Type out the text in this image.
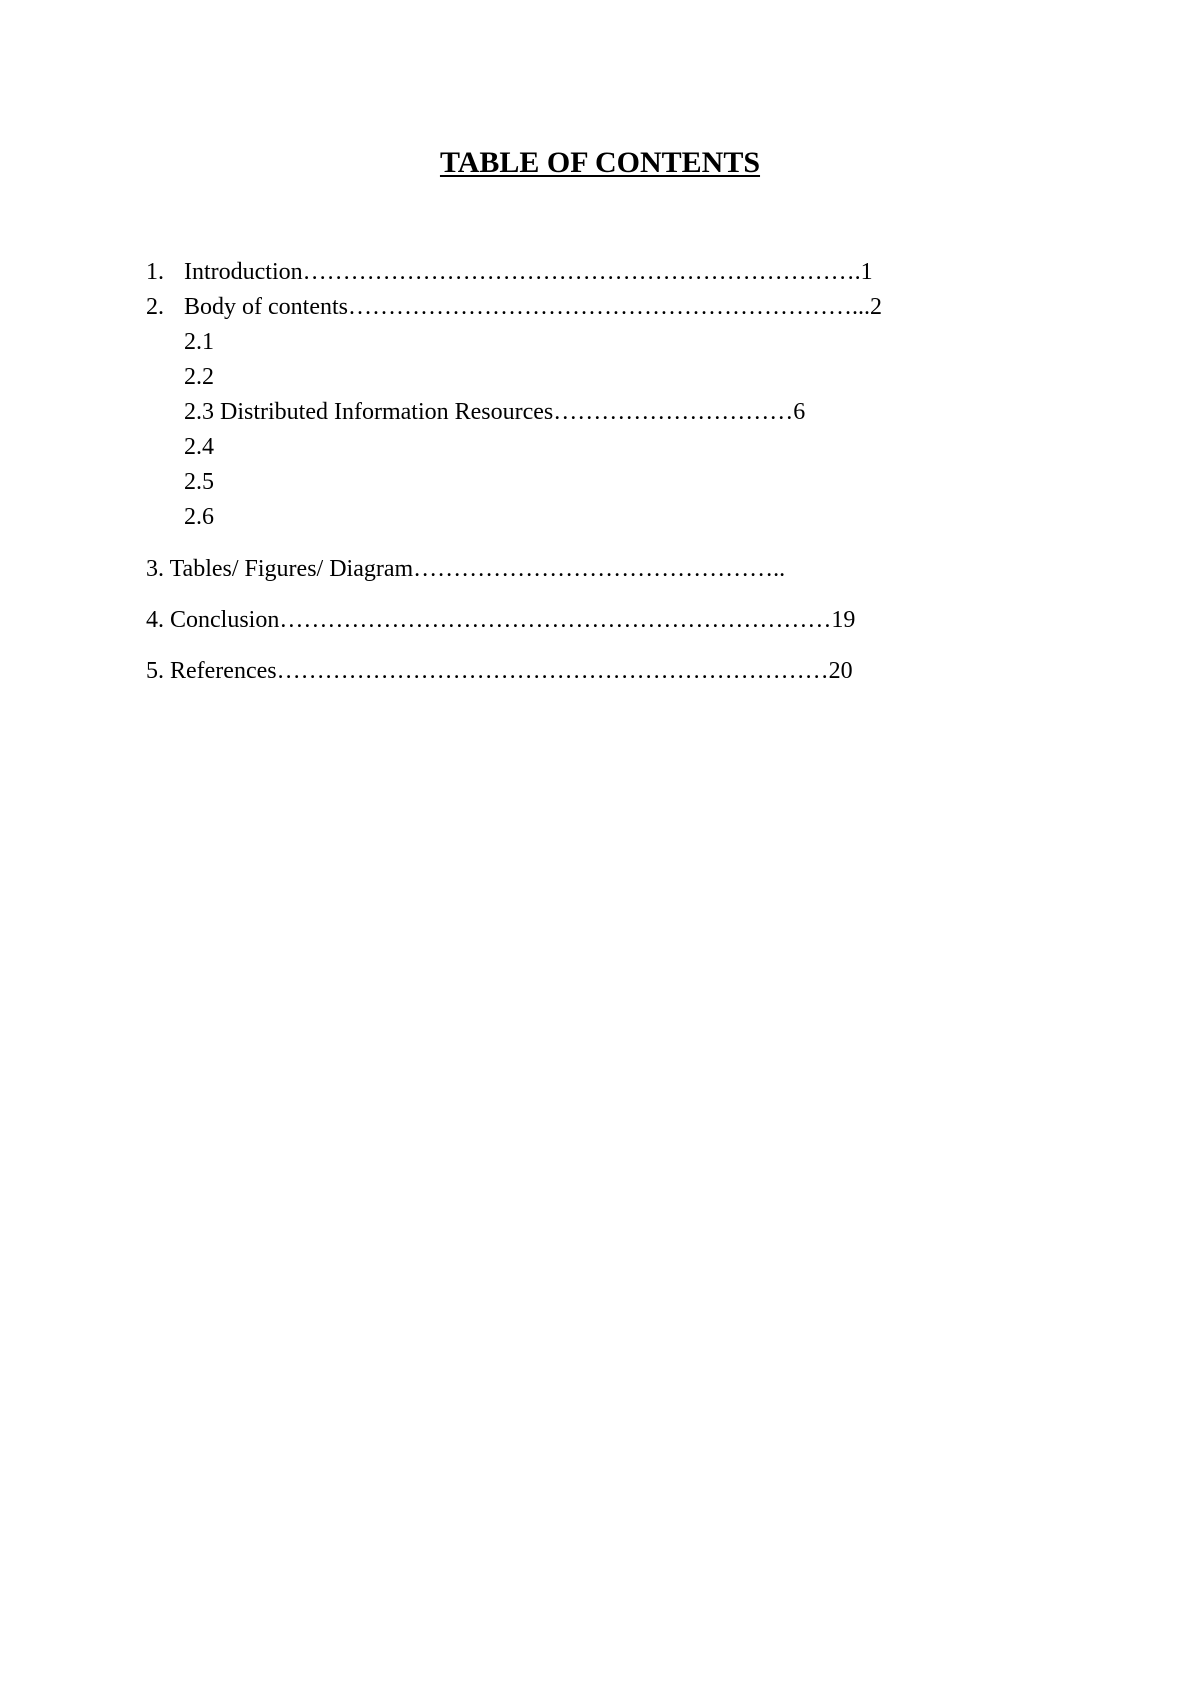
TABLE OF CONTENTS
1. Introduction…………………………………………………………….1
2. Body of contents………………………………………………………...2
2.1
2.2
2.3 Distributed Information Resources…………………………6
2.4
2.5
2.6
3. Tables/ Figures/ Diagram………………………………………..
4. Conclusion……………………………………………………………19
5. References……………………………………………………………20
